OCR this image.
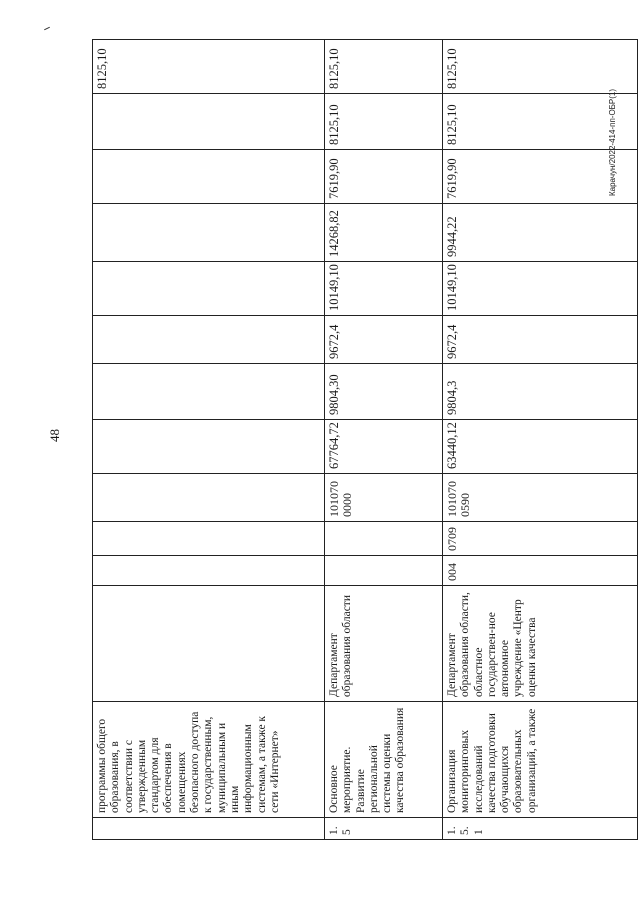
48
Карачун/2022-414-пп-ОБР(1)
	программы общего образования, в соответствии с утвержденным стандартом для обеспечения в помещениях безопасного доступа к государственным, муниципальным и иным информационным системам, а также к сети «Интернет»												8125,10
1.5	Основное мероприятие. Развитие региональной системы оценки качества образования	Департамент образования области			101070 0000	67764,72	9804,30	9672,4	10149,10	14268,82	7619,90	8125,10	8125,10
1.5.1	Организация мониторинговых исследований качества подготовки обучающихся образовательных организаций, а также	Департамент образования области, областное государствен-ное автономное учреждение «Центр оценки качества	004	0709	101070 0590	63440,12	9804,3	9672,4	10149,10	9944,22	7619,90	8125,10	8125,10
